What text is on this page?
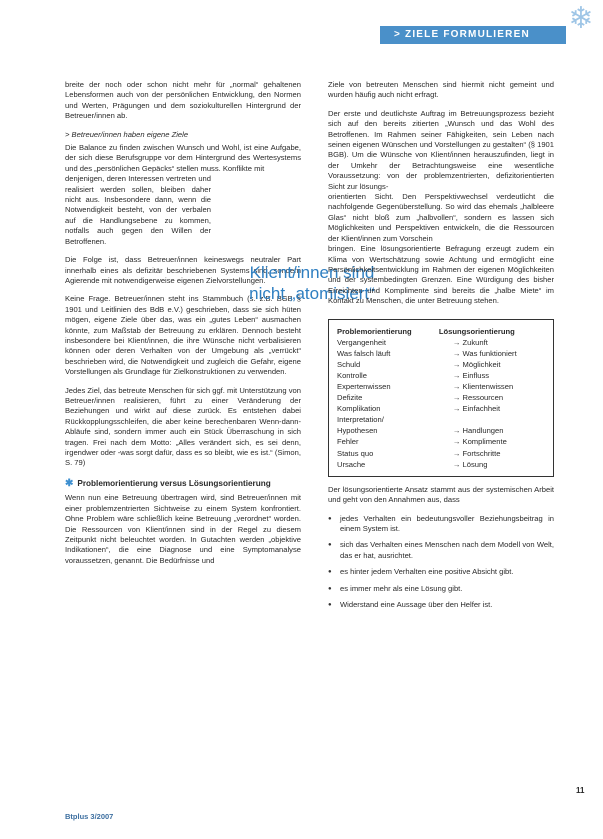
❄
> ZIELE FORMULIEREN

breite der noch oder schon nicht mehr für „normal“ gehaltenen Lebensformen auch von der persönlichen Entwicklung, den Normen und Werten, Prägungen und dem soziokulturellen Hintergrund der Betreuer/innen ab.

> Betreuer/innen haben eigene Ziele

Die Balance zu finden zwischen Wunsch und Wohl, ist eine Aufgabe, der sich diese Berufsgruppe vor dem Hintergrund des Wertesystems und des „persönlichen Gepäcks“ stellen muss. Konflikte mit

denjenigen, deren Interessen vertreten und realisiert werden sollen, bleiben daher nicht aus. Insbesondere dann, wenn die Notwendigkeit besteht, von der verbalen auf die Handlungsebene zu kommen, notfalls auch gegen den Willen der Betroffenen.

Die Folge ist, dass Betreuer/innen keineswegs neutraler Part innerhalb eines als defizitär beschriebenen Systems sind, sondern Agierende mit notwendigerweise eigenen Zielvorstellungen.

Keine Frage. Betreuer/innen steht ins Stammbuch (s. z.B. BGB § 1901 und Leitlinien des BdB e.V.) geschrieben, dass sie sich hüten mögen, eigene Ziele über das, was ein „gutes Leben“ ausmachen könnte, zum Maßstab der Betreuung zu erklären. Dennoch besteht insbesondere bei Klient/innen, die ihre Wünsche nicht verbalisieren können oder deren Verhalten von der Umgebung als „verrückt“ beschrieben wird, die Notwendigkeit und zugleich die Gefahr, eigene Vorstellungen als Grundlage für Zielkonstruktionen zu verwenden.

Jedes Ziel, das betreute Menschen für sich ggf. mit Unterstützung von Betreuer/innen realisieren, führt zu einer Veränderung der Beziehungen und wirkt auf diese zurück. Es entstehen dabei Rückkopplungsschleifen, die aber keine berechenbaren Wenn-dann-Abläufe sind, sondern immer auch ein Stück Überraschung in sich tragen. Frei nach dem Motto: „Alles verändert sich, es sei denn, irgendwer oder -was sorgt dafür, dass es so bleibt, wie es ist.“ (Simon, S. 79)

✱ Problemorientierung versus Lösungsorientierung

Wenn nun eine Betreuung übertragen wird, sind Betreuer/innen mit einer problemzentrierten Sichtweise zu einem System konfrontiert. Ohne Problem wäre schließlich keine Betreuung „verordnet“ worden. Die Ressourcen von Klient/innen sind in der Regel zu diesem Zeitpunkt nicht beleuchtet worden. In Gutachten werden „objektive Indikationen“, die eine Diagnose und eine Symptomanalyse voraussetzen, genannt. Die Bedürfnisse und

Klient/innen sind
nicht „atomisiert“

Ziele von betreuten Menschen sind hiermit nicht gemeint und wurden häufig auch nicht erfragt.

Der erste und deutlichste Auftrag im Betreuungsprozess bezieht sich auf den bereits zitierten „Wunsch und das Wohl des Betroffenen. Im Rahmen seiner Fähigkeiten, sein Leben nach seinen eigenen Wünschen und Vorstellungen zu gestalten“ (§ 1901 BGB). Um die Wünsche von Klient/innen herauszufinden, liegt in der Umkehr der Betrachtungsweise eine wesentliche Voraussetzung: von der problemzentrierten, defizitorientierten Sicht zur lösungs-

orientierten Sicht. Den Perspektivwechsel verdeutlicht die nachfolgende Gegenüberstellung. So wird das ehemals „halbleere Glas“ nicht bloß zum „halbvollen“, sondern es lassen sich Möglichkeiten und Perspektiven entwickeln, die die Ressourcen der Klient/innen zum Vorschein

bringen. Eine lösungsorientierte Befragung erzeugt zudem ein Klima von Wertschätzung sowie Achtung und ermöglicht eine Persönlichkeitsentwicklung im Rahmen der eigenen Möglichkeiten und der systembedingten Grenzen. Eine Würdigung des bisher Erreichten und Komplimente sind bereits die „halbe Miete“ im Kontakt zu Menschen, die unter Betreuung stehen.

Problemorientierung	Lösungsorientierung
Vergangenheit	→ Zukunft
Was falsch läuft	→ Was funktioniert
Schuld	→ Möglichkeit
Kontrolle	→ Einfluss
Expertenwissen	→ Klientenwissen
Defizite	→ Ressourcen
Komplikation	→ Einfachheit
Interpretation/	
Hypothesen	→ Handlungen
Fehler	→ Komplimente
Status quo	→ Fortschritte
Ursache	→ Lösung

Der lösungsorientierte Ansatz stammt aus der systemischen Arbeit und geht von den Annahmen aus, dass

● jedes Verhalten ein bedeutungsvoller Beziehungsbeitrag in einem System ist.
● sich das Verhalten eines Menschen nach dem Modell von Welt, das er hat, ausrichtet.
● es hinter jedem Verhalten eine positive Absicht gibt.
● es immer mehr als eine Lösung gibt.
● Widerstand eine Aussage über den Helfer ist.
11
Btplus 3/2007
